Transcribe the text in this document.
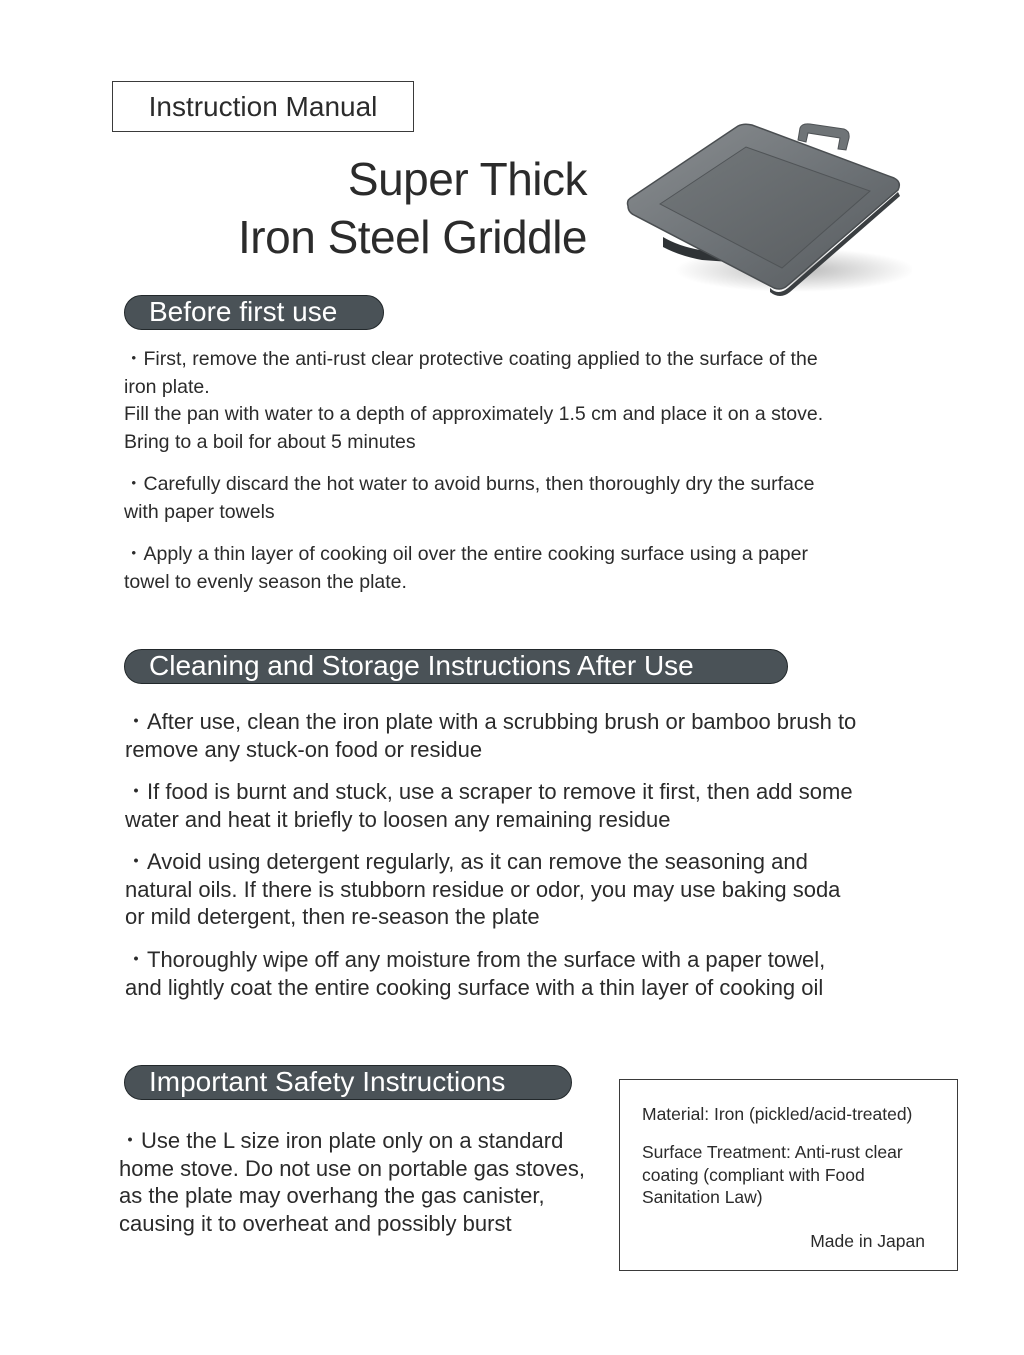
Instruction Manual
Super Thick
Iron Steel Griddle
Before first use

・First, remove the anti-rust clear protective coating applied to the surface of the iron plate.

Fill the pan with water to a depth of approximately 1.5 cm and place it on a stove. Bring to a boil for about 5 minutes

・Carefully discard the hot water to avoid burns, then thoroughly dry the surface with paper towels

・Apply a thin layer of cooking oil over the entire cooking surface using a paper towel to evenly season the plate.

Cleaning and Storage Instructions After Use

・After use, clean the iron plate with a scrubbing brush or bamboo brush to remove any stuck-on food or residue

・If food is burnt and stuck, use a scraper to remove it first, then add some water and heat it briefly to loosen any remaining residue

・Avoid using detergent regularly, as it can remove the seasoning and natural oils. If there is stubborn residue or odor, you may use baking soda or mild detergent, then re-season the plate

・Thoroughly wipe off any moisture from the surface with a paper towel, and lightly coat the entire cooking surface with a thin layer of cooking oil

Important Safety Instructions

・Use the L size iron plate only on a standard home stove. Do not use on portable gas stoves, as the plate may overhang the gas canister, causing it to overheat and possibly burst

Material: Iron (pickled/acid-treated)
Surface Treatment: Anti-rust clear coating (compliant with Food Sanitation Law)
Made in Japan
